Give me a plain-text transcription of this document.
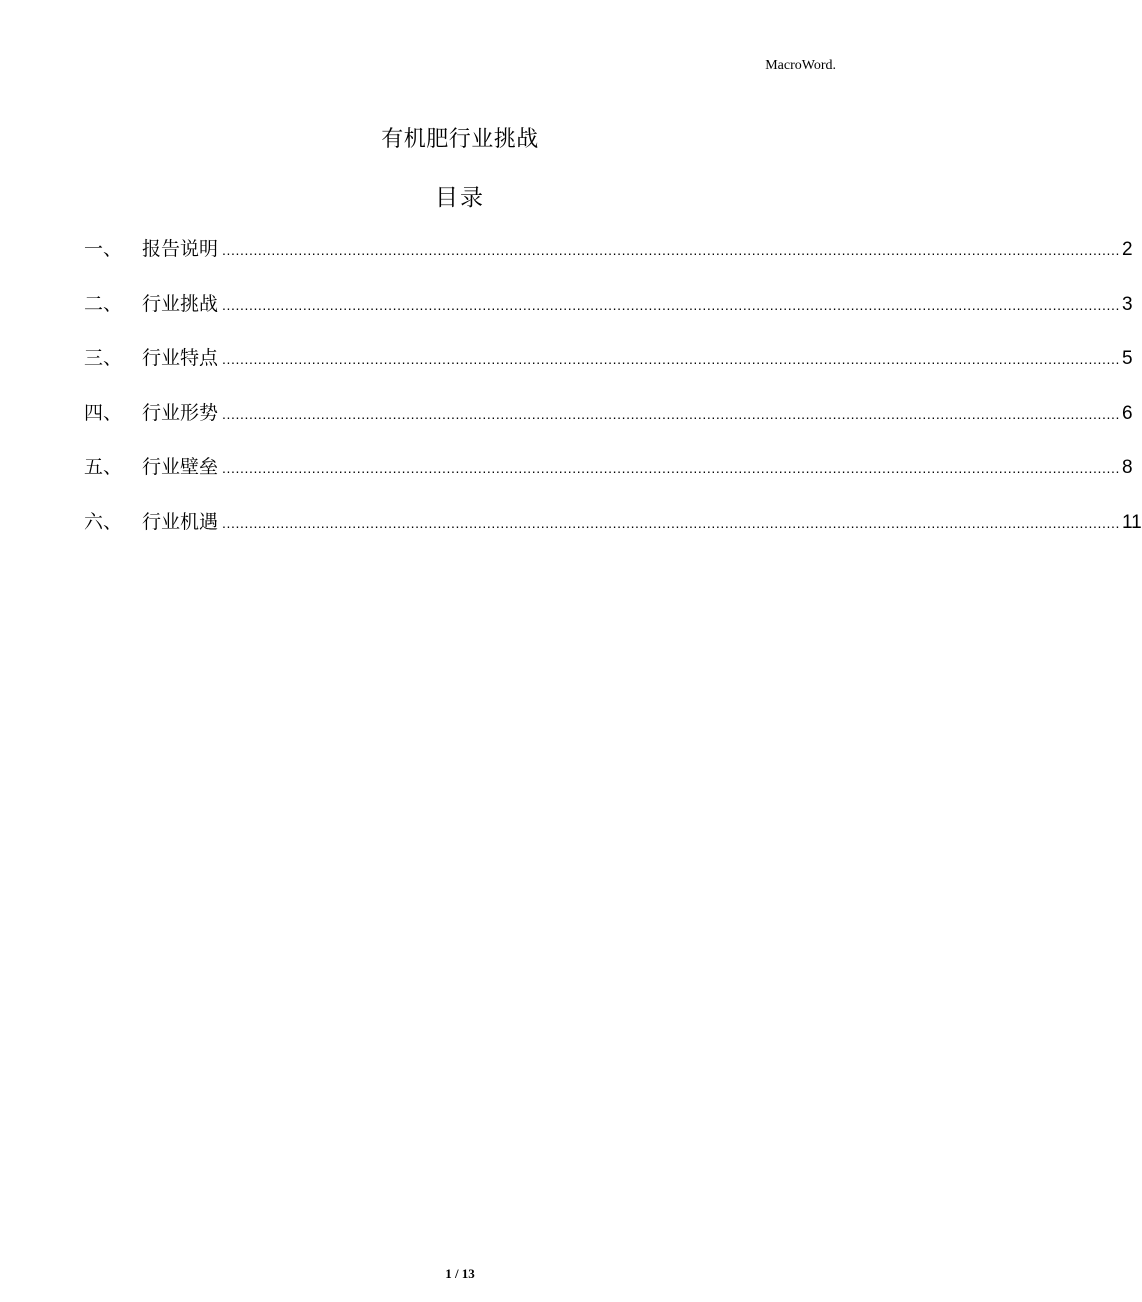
MacroWord.
有机肥行业挑战
目录
一、	报告说明 ........................................................................................................................................................................................................ 2
二、	行业挑战 ........................................................................................................................................................................................................ 3
三、	行业特点 ........................................................................................................................................................................................................ 5
四、	行业形势 ........................................................................................................................................................................................................ 6
五、	行业壁垒 ........................................................................................................................................................................................................ 8
六、	行业机遇 ........................................................................................................................................................................................................ 11
1 / 13
